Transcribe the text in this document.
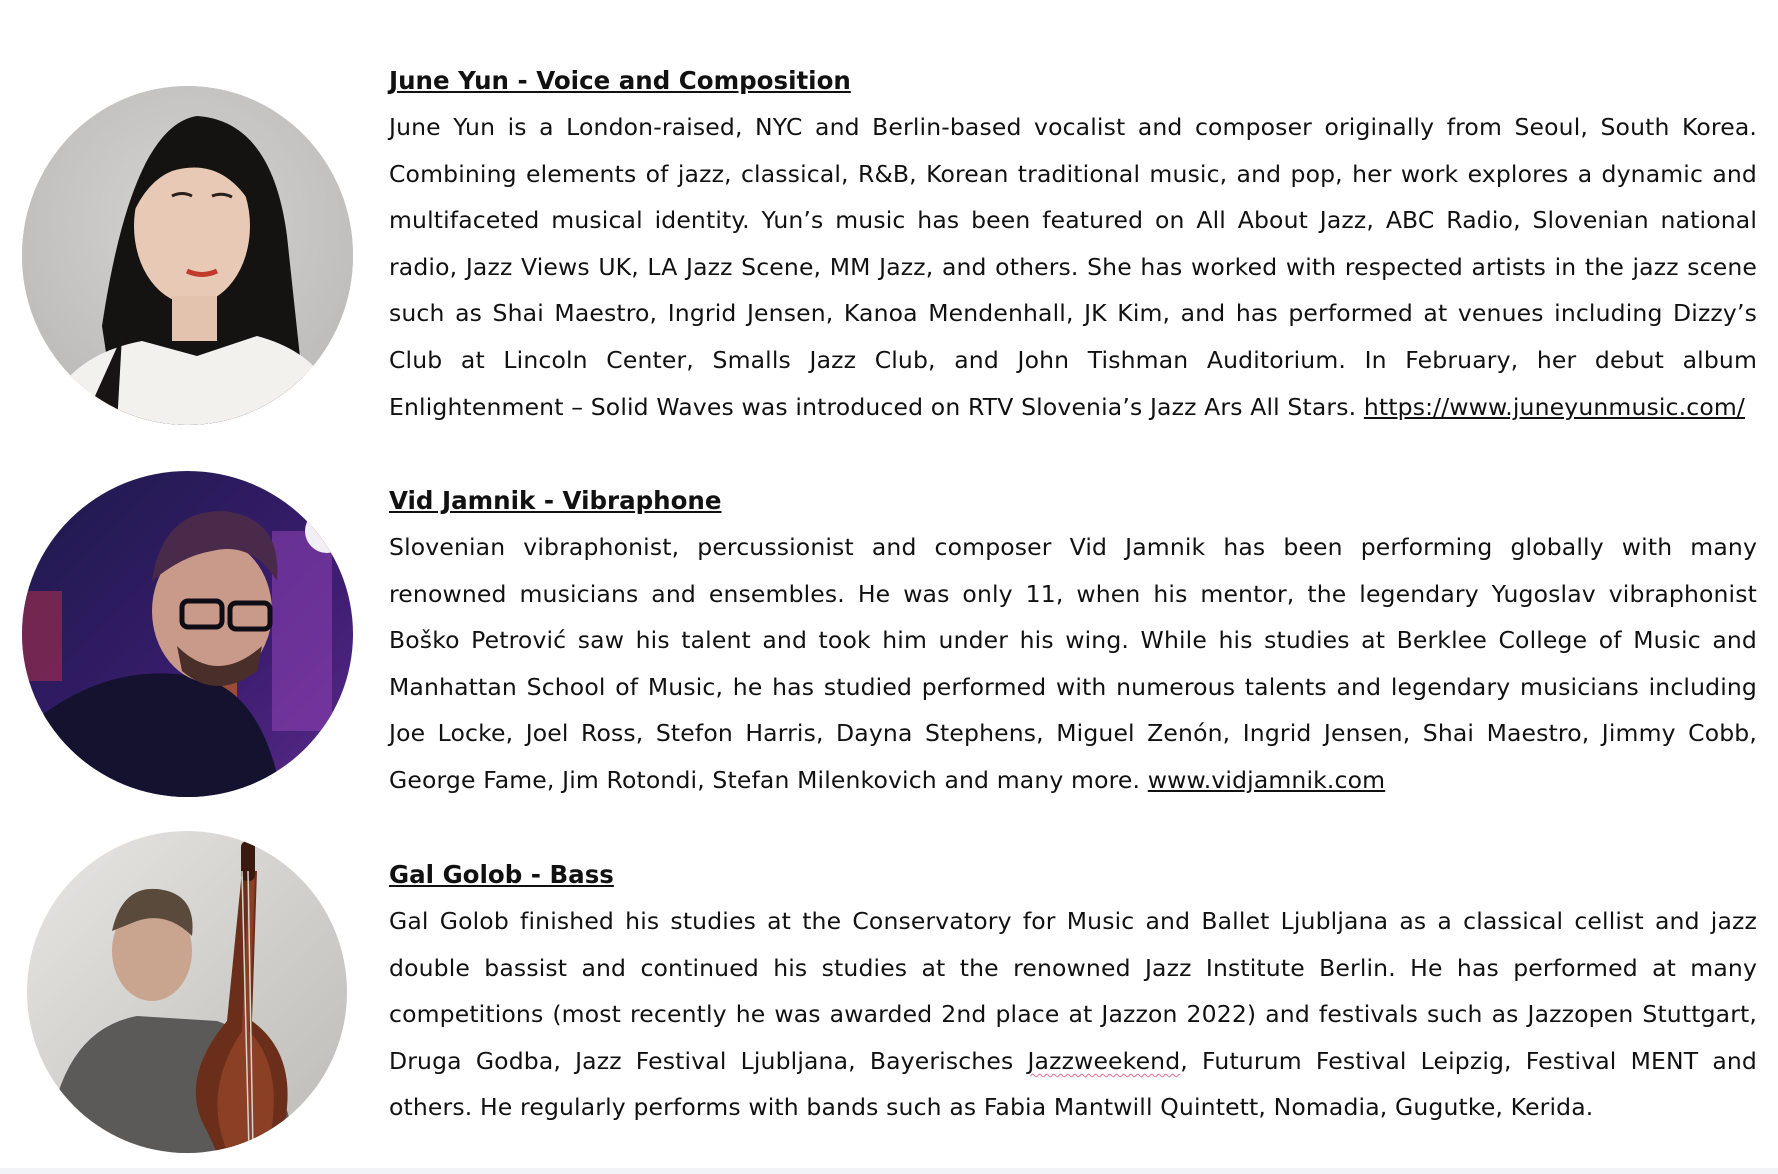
June Yun - Voice and Composition

June Yun is a London-raised, NYC and Berlin-based vocalist and composer originally from Seoul, South Korea. Combining elements of jazz, classical, R&B, Korean traditional music, and pop, her work explores a dynamic and multifaceted musical identity. Yun’s music has been featured on All About Jazz, ABC Radio, Slovenian national radio, Jazz Views UK, LA Jazz Scene, MM Jazz, and others. She has worked with respected artists in the jazz scene such as Shai Maestro, Ingrid Jensen, Kanoa Mendenhall, JK Kim, and has performed at venues including Dizzy’s Club at Lincoln Center, Smalls Jazz Club, and John Tishman Auditorium. In February, her debut album Enlightenment – Solid Waves was introduced on RTV Slovenia’s Jazz Ars All Stars. https://www.juneyunmusic.com/

Vid Jamnik - Vibraphone

Slovenian vibraphonist, percussionist and composer Vid Jamnik has been performing globally with many renowned musicians and ensembles. He was only 11, when his mentor, the legendary Yugoslav vibraphonist Boško Petrović saw his talent and took him under his wing. While his studies at Berklee College of Music and Manhattan School of Music, he has studied performed with numerous talents and legendary musicians including Joe Locke, Joel Ross, Stefon Harris, Dayna Stephens, Miguel Zenón, Ingrid Jensen, Shai Maestro, Jimmy Cobb, George Fame, Jim Rotondi, Stefan Milenkovich and many more. www.vidjamnik.com

Gal Golob - Bass

Gal Golob finished his studies at the Conservatory for Music and Ballet Ljubljana as a classical cellist and jazz double bassist and continued his studies at the renowned Jazz Institute Berlin. He has performed at many competitions (most recently he was awarded 2nd place at Jazzon 2022) and festivals such as Jazzopen Stuttgart, Druga Godba, Jazz Festival Ljubljana, Bayerisches Jazzweekend, Futurum Festival Leipzig, Festival MENT and others. He regularly performs with bands such as Fabia Mantwill Quintett, Nomadia, Gugutke, Kerida.
